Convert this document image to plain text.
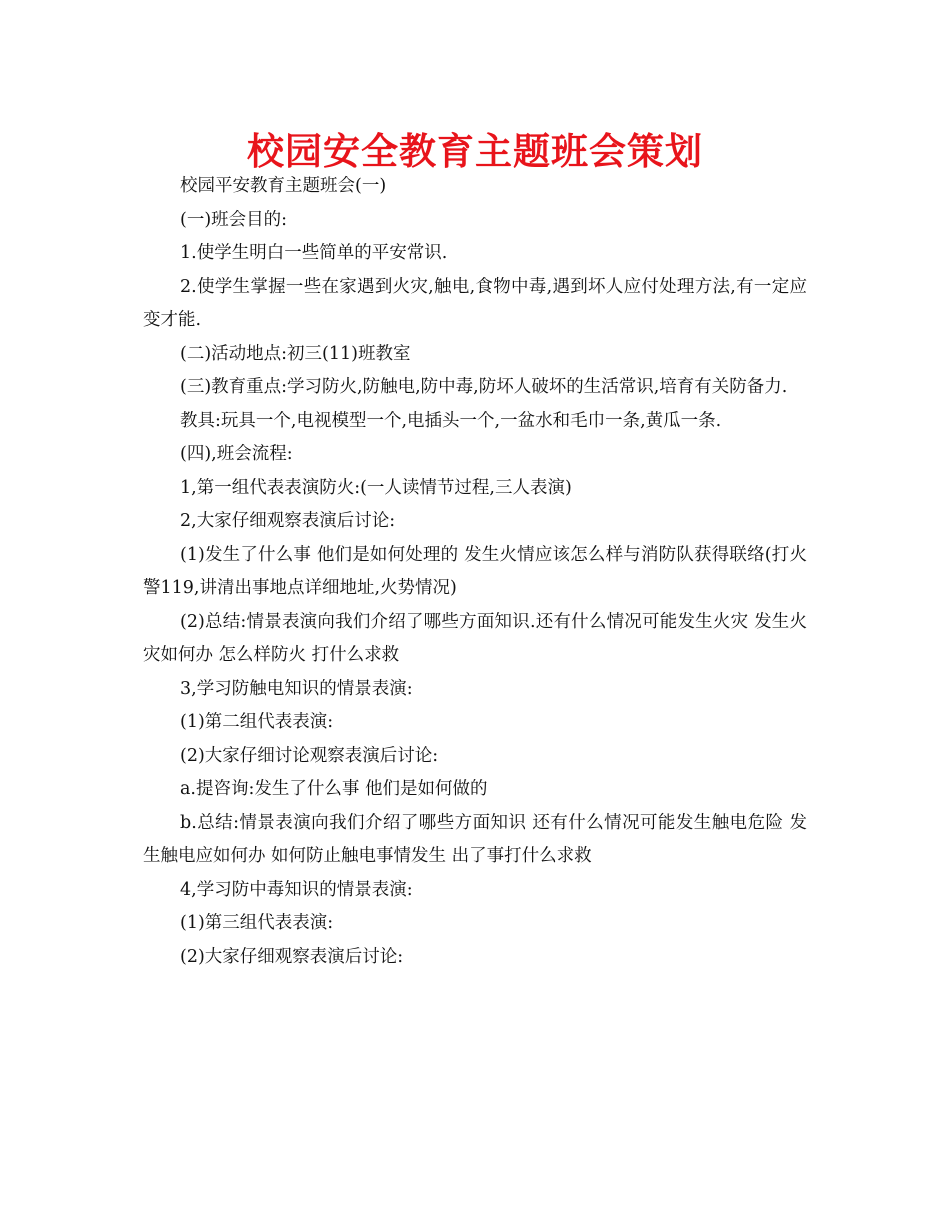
校园安全教育主题班会策划

校园平安教育主题班会(一)

(一)班会目的:

1.使学生明白一些简单的平安常识.

2.使学生掌握一些在家遇到火灾,触电,食物中毒,遇到坏人应付处理方法,有一定应变才能.

(二)活动地点:初三(11)班教室

(三)教育重点:学习防火,防触电,防中毒,防坏人破坏的生活常识,培育有关防备力.

教具:玩具一个,电视模型一个,电插头一个,一盆水和毛巾一条,黄瓜一条.

(四),班会流程:

1,第一组代表表演防火:(一人读情节过程,三人表演)

2,大家仔细观察表演后讨论:

(1)发生了什么事 他们是如何处理的 发生火情应该怎么样与消防队获得联络(打火警119,讲清出事地点详细地址,火势情况)

(2)总结:情景表演向我们介绍了哪些方面知识.还有什么情况可能发生火灾 发生火灾如何办 怎么样防火 打什么求救

3,学习防触电知识的情景表演:

(1)第二组代表表演:

(2)大家仔细讨论观察表演后讨论:

a.提咨询:发生了什么事 他们是如何做的

b.总结:情景表演向我们介绍了哪些方面知识 还有什么情况可能发生触电危险 发生触电应如何办 如何防止触电事情发生 出了事打什么求救

4,学习防中毒知识的情景表演:

(1)第三组代表表演:

(2)大家仔细观察表演后讨论:
